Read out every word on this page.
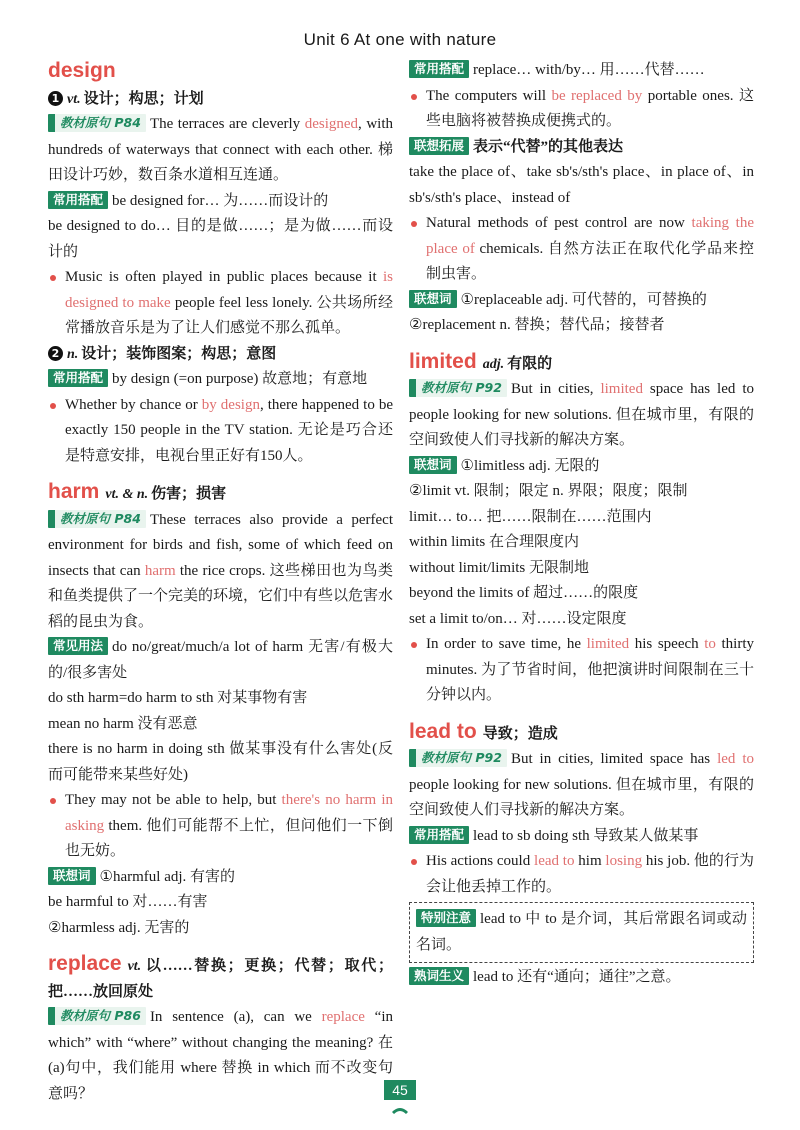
Unit 6 At one with nature

design

1 vt. 设计；构思；计划

教材原句 P84 The terraces are cleverly designed, with hundreds of waterways that connect with each other. 梯田设计巧妙，数百条水道相互连通。

常用搭配 be designed for… 为……而设计的

be designed to do… 目的是做……；是为做……而设计的

Music is often played in public places because it is designed to make people feel less lonely. 公共场所经常播放音乐是为了让人们感觉不那么孤单。

2 n. 设计；装饰图案；构思；意图

常用搭配 by design (=on purpose) 故意地；有意地

Whether by chance or by design, there happened to be exactly 150 people in the TV station. 无论是巧合还是特意安排，电视台里正好有150人。

harm vt. & n. 伤害；损害

教材原句 P84 These terraces also provide a perfect environment for birds and fish, some of which feed on insects that can harm the rice crops. 这些梯田也为鸟类和鱼类提供了一个完美的环境，它们中有些以危害水稻的昆虫为食。

常见用法 do no/great/much/a lot of harm 无害/有极大的/很多害处

do sth harm=do harm to sth 对某事物有害

mean no harm 没有恶意

there is no harm in doing sth 做某事没有什么害处(反而可能带来某些好处)

They may not be able to help, but there's no harm in asking them. 他们可能帮不上忙，但问他们一下倒也无妨。

联想词 ①harmful adj. 有害的

be harmful to 对……有害

②harmless adj. 无害的

replace vt. 以……替换；更换；代替；取代；把……放回原处

教材原句 P86 In sentence (a), can we replace “in which” with “where” without changing the meaning? 在(a)句中，我们能用 where 替换 in which 而不改变句意吗？

常用搭配 replace… with/by… 用……代替……

The computers will be replaced by portable ones. 这些电脑将被替换成便携式的。

联想拓展 表示“代替”的其他表达

take the place of、take sb's/sth's place、in place of、in sb's/sth's place、instead of

Natural methods of pest control are now taking the place of chemicals. 自然方法正在取代化学品来控制虫害。

联想词 ①replaceable adj. 可代替的，可替换的

②replacement n. 替换；替代品；接替者

limited adj. 有限的

教材原句 P92 But in cities, limited space has led to people looking for new solutions. 但在城市里，有限的空间致使人们寻找新的解决方案。

联想词 ①limitless adj. 无限的

②limit vt. 限制；限定 n. 界限；限度；限制

limit… to… 把……限制在……范围内

within limits 在合理限度内

without limit/limits 无限制地

beyond the limits of 超过……的限度

set a limit to/on… 对……设定限度

In order to save time, he limited his speech to thirty minutes. 为了节省时间，他把演讲时间限制在三十分钟以内。

lead to 导致；造成

教材原句 P92 But in cities, limited space has led to people looking for new solutions. 但在城市里，有限的空间致使人们寻找新的解决方案。

常用搭配 lead to sb doing sth 导致某人做某事

His actions could lead to him losing his job. 他的行为会让他丢掉工作的。

特别注意 lead to 中 to 是介词，其后常跟名词或动名词。

熟词生义 lead to 还有“通向；通往”之意。

45
